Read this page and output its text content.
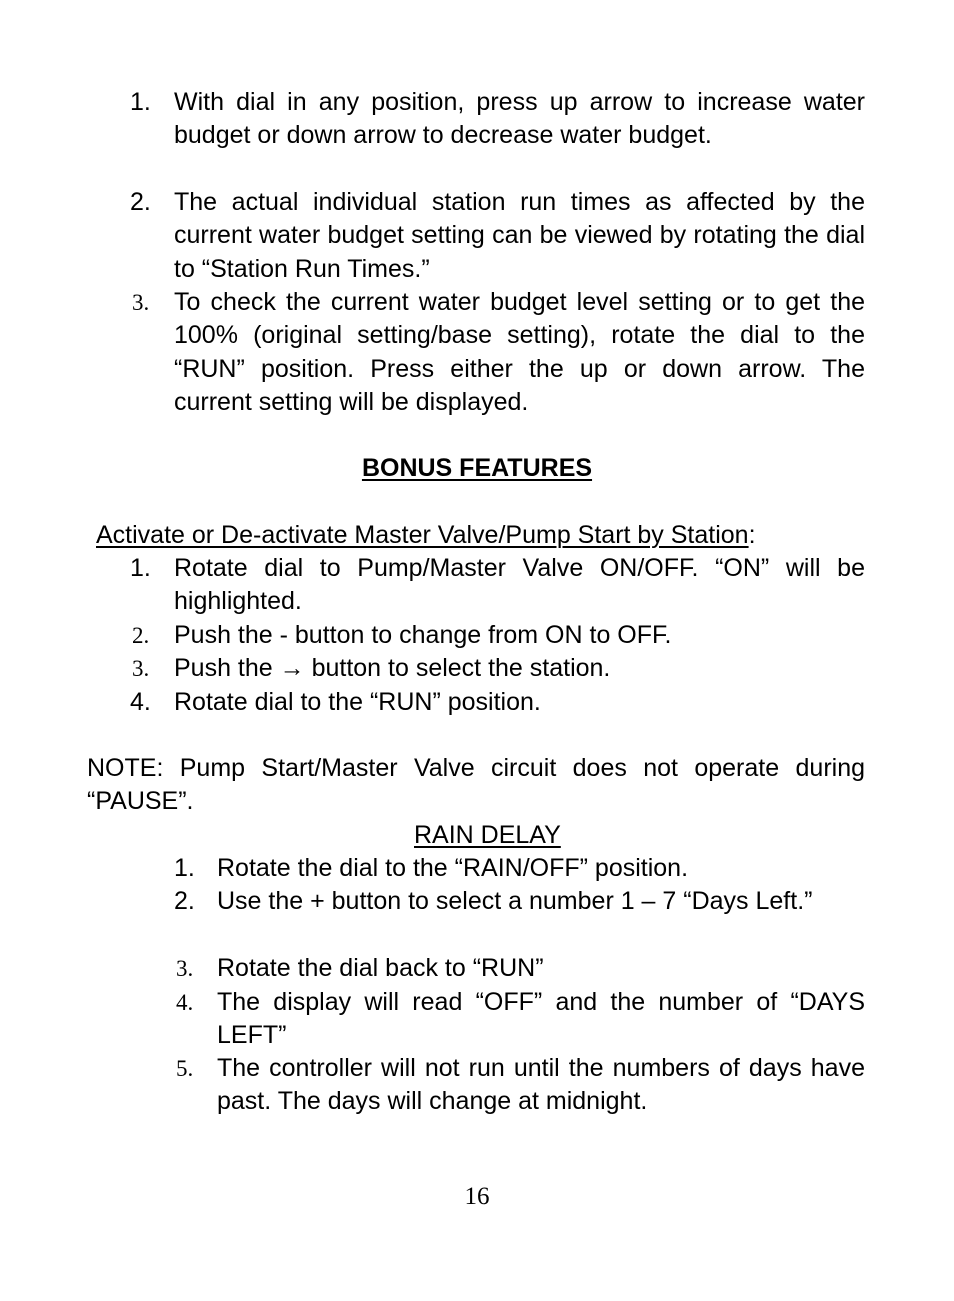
1. With dial in any position, press up arrow to increase water budget or down arrow to decrease water budget.
2. The actual individual station run times as affected by the current water budget setting can be viewed by rotating the dial to “Station Run Times.”
3. To check the current water budget level setting or to get the 100% (original setting/base setting), rotate the dial to the “RUN” position. Press either the up or down arrow. The current setting will be displayed.
BONUS FEATURES
Activate or De-activate Master Valve/Pump Start by Station:
1. Rotate dial to Pump/Master Valve ON/OFF. “ON” will be highlighted.
2. Push the - button to change from ON to OFF.
3. Push the → button to select the station.
4. Rotate dial to the “RUN” position.
NOTE: Pump Start/Master Valve circuit does not operate during “PAUSE”.
RAIN DELAY
1. Rotate the dial to the “RAIN/OFF” position.
2. Use the + button to select a number 1 – 7 “Days Left.”
3. Rotate the dial back to “RUN”
4. The display will read “OFF” and the number of “DAYS LEFT”
5. The controller will not run until the numbers of days have past. The days will change at midnight.
16
